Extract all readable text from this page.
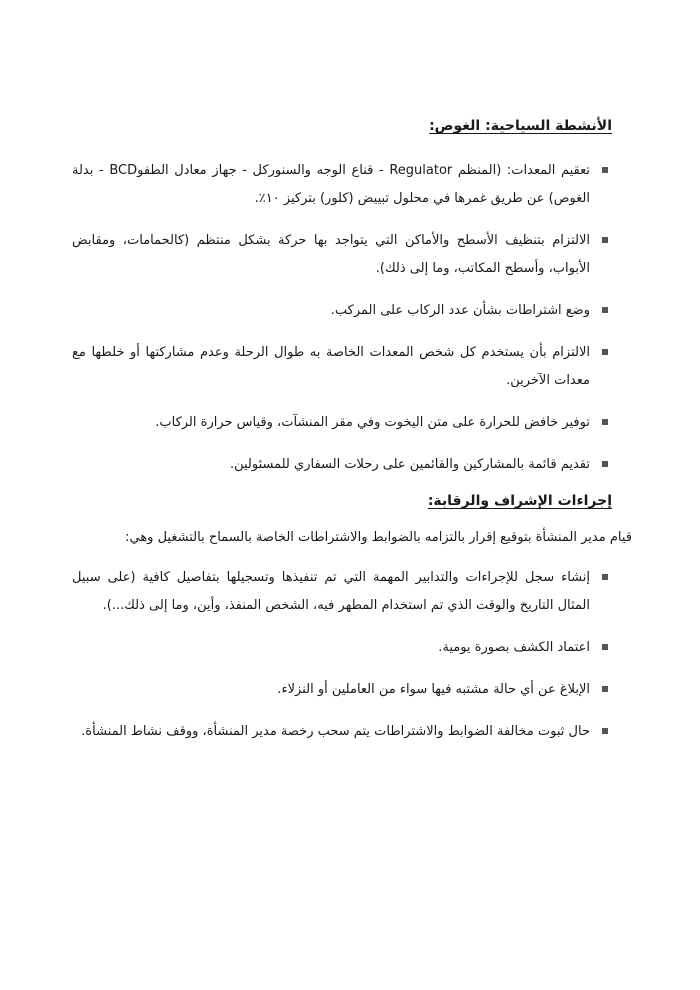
الأنشطة السياحية: الغوص:
تعقيم المعدات: (المنظم Regulator - قناع الوجه والسنوركل - جهاز معادل الطفوBCD - بدلة الغوص) عن طريق غمرها في محلول تبييض (كلور) بتركيز ١٠٪.
الالتزام بتنظيف الأسطح والأماكن التي يتواجد بها حركة بشكل منتظم (كالحمامات، ومقابض الأبواب، وأسطح المكاتب، وما إلى ذلك).
وضع اشتراطات بشأن عدد الركاب على المركب.
الالتزام بأن يستخدم كل شخص المعدات الخاصة به طوال الرحلة وعدم مشاركتها أو خلطها مع معدات الآخرين.
توفير خافض للحرارة على متن اليخوت وفي مقر المنشآت، وقياس حرارة الركاب.
تقديم قائمة بالمشاركين والقائمين على رحلات السفاري للمسئولين.
إجراءات الإشراف والرقابة:

قيام مدير المنشأة بتوقيع إقرار بالتزامه بالضوابط والاشتراطات الخاصة بالسماح بالتشغيل وهي:

إنشاء سجل للإجراءات والتدابير المهمة التي تم تنفيذها وتسجيلها بتفاصيل كافية (على سبيل المثال التاريخ والوقت الذي تم استخدام المطهر فيه، الشخص المنفذ، وأين، وما إلى ذلك...).
اعتماد الكشف بصورة يومية.
الإبلاغ عن أي حالة مشتبه فيها سواء من العاملين أو النزلاء.
حال ثبوت مخالفة الضوابط والاشتراطات يتم سحب رخصة مدير المنشأة، ووقف نشاط المنشأة.
